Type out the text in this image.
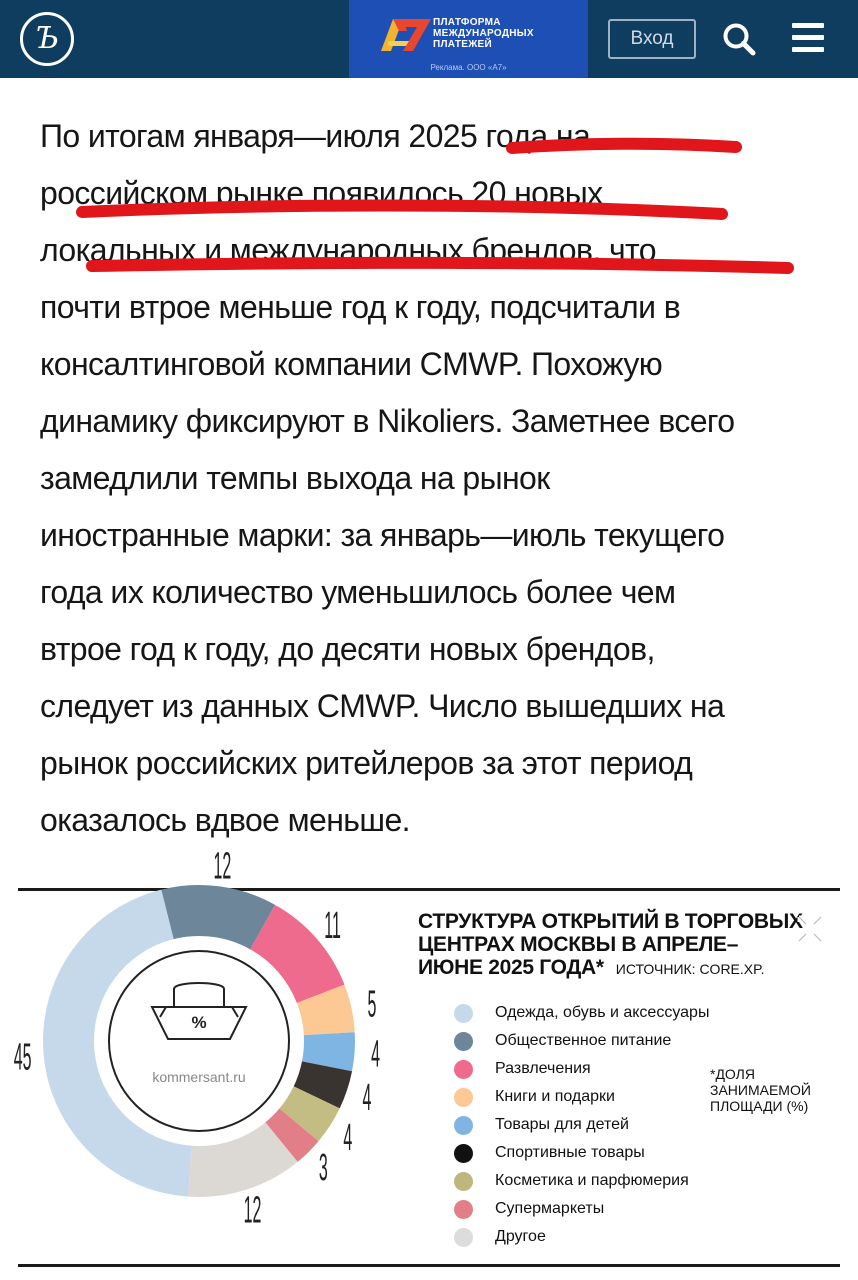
Ъ	ПЛАТФОРМА
МЕЖДУНАРОДНЫХ
ПЛАТЕЖЕЙ
Реклама. ООО «А7»
Вход
По итогам января—июля 2025 года на
российском рынке появилось 20 новых
локальных и международных брендов, что
почти втрое меньше год к году, подсчитали в
консалтинговой компании CMWP. Похожую
динамику фиксируют в Nikoliers. Заметнее всего
замедлили темпы выхода на рынок
иностранные марки: за январь—июль текущего
года их количество уменьшилось более чем
втрое год к году, до десяти новых брендов,
следует из данных CMWP. Число вышедших на
рынок российских ритейлеров за этот период
оказалось вдвое меньше.
%
kommersant.ru
12
11
5
4
4
4
3
12
45
СТРУКТУРА ОТКРЫТИЙ В ТОРГОВЫХ
ЦЕНТРАХ МОСКВЫ В АПРЕЛЕ–
ИЮНЕ 2025 ГОДА* ИСТОЧНИК: CORE.XP.
Одежда, обувь и аксессуары
Общественное питание
Развлечения
Книги и подарки
Товары для детей
Спортивные товары
Косметика и парфюмерия
Супермаркеты
Другое
*ДОЛЯ
ЗАНИМАЕМОЙ
ПЛОЩАДИ (%)
